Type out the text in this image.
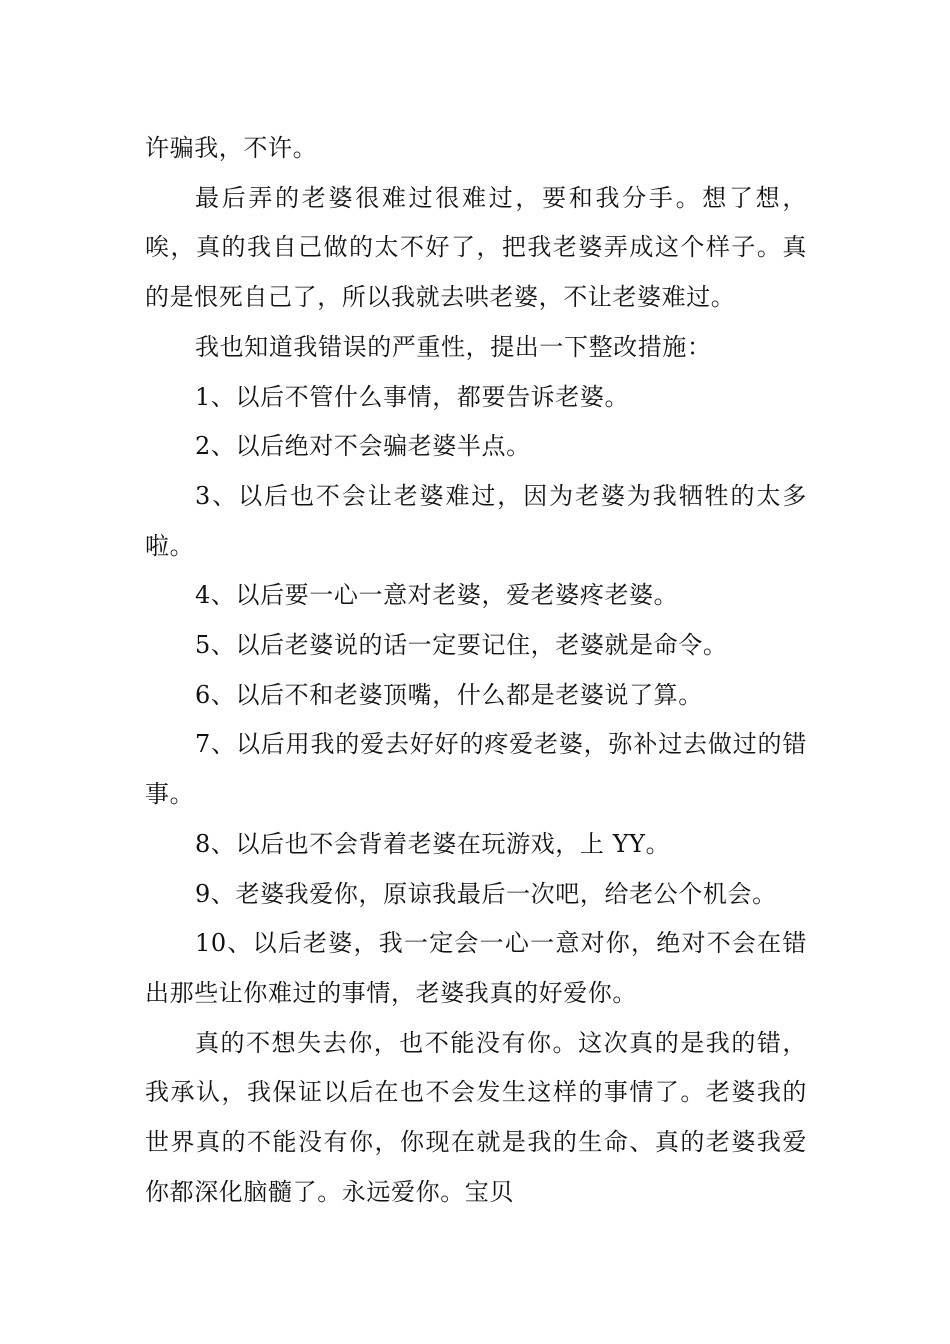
许骗我，不许。

最后弄的老婆很难过很难过，要和我分手。想了想，唉，真的我自己做的太不好了，把我老婆弄成这个样子。真的是恨死自己了，所以我就去哄老婆，不让老婆难过。

我也知道我错误的严重性，提出一下整改措施：

1、以后不管什么事情，都要告诉老婆。

2、以后绝对不会骗老婆半点。

3、以后也不会让老婆难过，因为老婆为我牺牲的太多啦。

4、以后要一心一意对老婆，爱老婆疼老婆。

5、以后老婆说的话一定要记住，老婆就是命令。

6、以后不和老婆顶嘴，什么都是老婆说了算。

7、以后用我的爱去好好的疼爱老婆，弥补过去做过的错事。

8、以后也不会背着老婆在玩游戏，上 YY。

9、老婆我爱你，原谅我最后一次吧，给老公个机会。

10、以后老婆，我一定会一心一意对你，绝对不会在错出那些让你难过的事情，老婆我真的好爱你。

真的不想失去你，也不能没有你。这次真的是我的错，我承认，我保证以后在也不会发生这样的事情了。老婆我的世界真的不能没有你，你现在就是我的生命、真的老婆我爱你都深化脑髓了。永远爱你。宝贝
